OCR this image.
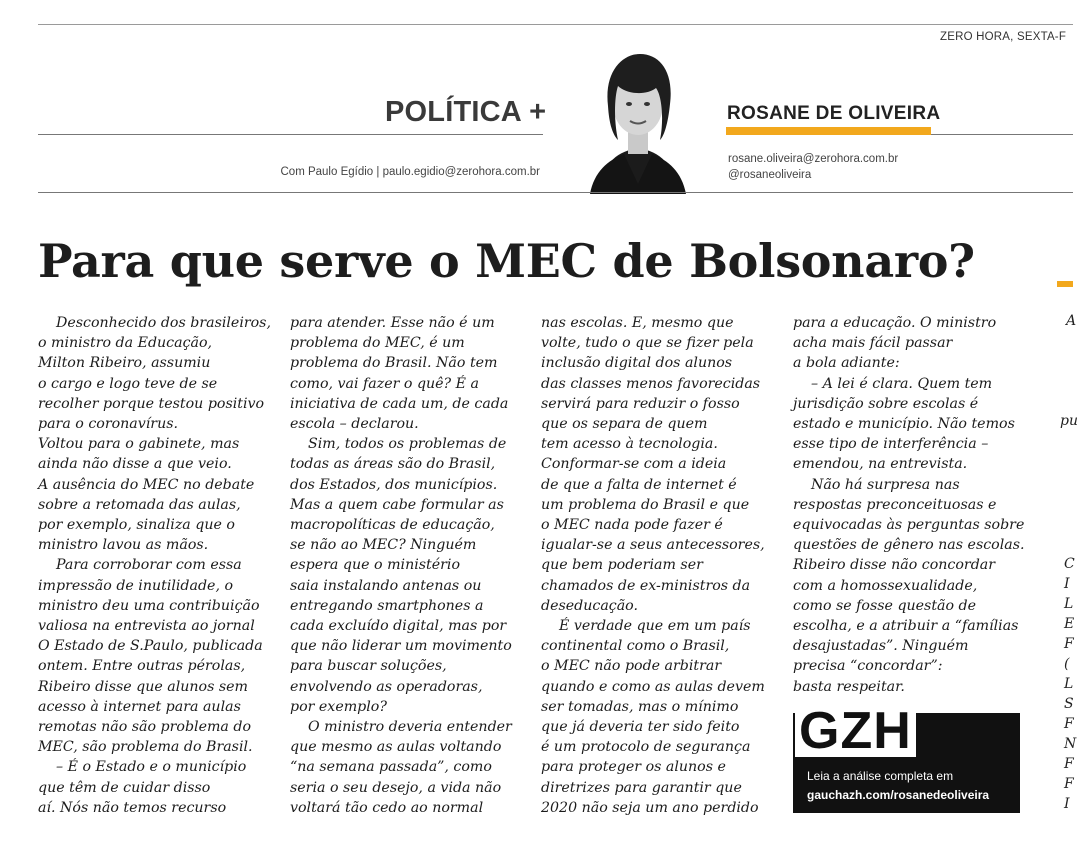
ZERO HORA, SEXTA-F
POLÍTICA +	ROSANE DE OLIVEIRA
Com Paulo Egídio | paulo.egidio@zerohora.com.br
rosane.oliveira@zerohora.com.br
@rosaneoliveira
Para que serve o MEC de Bolsonaro?
Desconhecido dos brasileiros,
o ministro da Educação,
Milton Ribeiro, assumiu
o cargo e logo teve de se
recolher porque testou positivo
para o coronavírus.
Voltou para o gabinete, mas
ainda não disse a que veio.
A ausência do MEC no debate
sobre a retomada das aulas,
por exemplo, sinaliza que o
ministro lavou as mãos.
Para corroborar com essa
impressão de inutilidade, o
ministro deu uma contribuição
valiosa na entrevista ao jornal
O Estado de S.Paulo, publicada
ontem. Entre outras pérolas,
Ribeiro disse que alunos sem
acesso à internet para aulas
remotas não são problema do
MEC, são problema do Brasil.
– É o Estado e o município
que têm de cuidar disso
aí. Nós não temos recurso
para atender. Esse não é um
problema do MEC, é um
problema do Brasil. Não tem
como, vai fazer o quê? É a
iniciativa de cada um, de cada
escola – declarou.
Sim, todos os problemas de
todas as áreas são do Brasil,
dos Estados, dos municípios.
Mas a quem cabe formular as
macropolíticas de educação,
se não ao MEC? Ninguém
espera que o ministério
saia instalando antenas ou
entregando smartphones a
cada excluído digital, mas por
que não liderar um movimento
para buscar soluções,
envolvendo as operadoras,
por exemplo?
O ministro deveria entender
que mesmo as aulas voltando
“na semana passada”, como
seria o seu desejo, a vida não
voltará tão cedo ao normal
nas escolas. E, mesmo que
volte, tudo o que se fizer pela
inclusão digital dos alunos
das classes menos favorecidas
servirá para reduzir o fosso
que os separa de quem
tem acesso à tecnologia.
Conformar-se com a ideia
de que a falta de internet é
um problema do Brasil e que
o MEC nada pode fazer é
igualar-se a seus antecessores,
que bem poderiam ser
chamados de ex-ministros da
deseducação.
É verdade que em um país
continental como o Brasil,
o MEC não pode arbitrar
quando e como as aulas devem
ser tomadas, mas o mínimo
que já deveria ter sido feito
é um protocolo de segurança
para proteger os alunos e
diretrizes para garantir que
2020 não seja um ano perdido
para a educação. O ministro
acha mais fácil passar
a bola adiante:
– A lei é clara. Quem tem
jurisdição sobre escolas é
estado e município. Não temos
esse tipo de interferência –
emendou, na entrevista.
Não há surpresa nas
respostas preconceituosas e
equivocadas às perguntas sobre
questões de gênero nas escolas.
Ribeiro disse não concordar
com a homossexualidade,
como se fosse questão de
escolha, e a atribuir a “famílias
desajustadas”. Ninguém
precisa “concordar”:
basta respeitar.
GZH
Leia a análise completa em
gauchazh.com/rosanedeoliveira
A
pu
C
I
L
E
F
(
L
S
F
N
F
F
I
